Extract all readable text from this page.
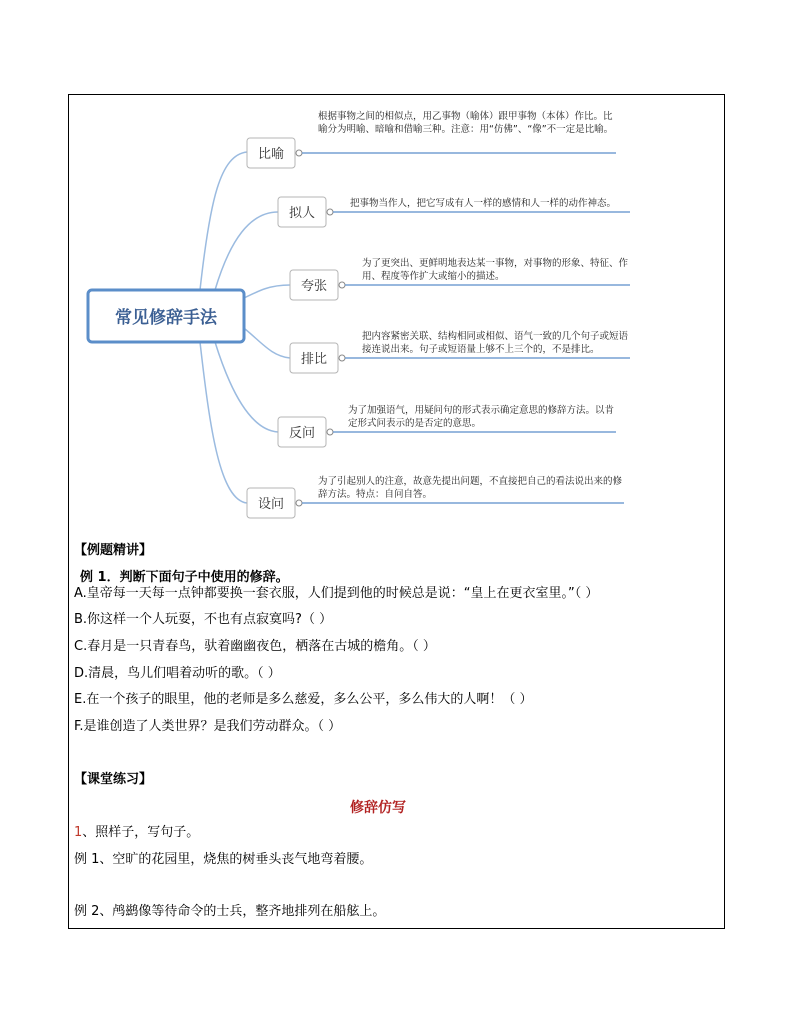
常见修辞手法
比喻
拟人
夸张
排比
反问
设问
根据事物之间的相似点，用乙事物（喻体）跟甲事物（本体）作比。比喻分为明喻、暗喻和借喻三种。注意：用“仿佛”、“像”不一定是比喻。
把事物当作人，把它写成有人一样的感情和人一样的动作神态。
为了更突出、更鲜明地表达某一事物，对事物的形象、特征、作用、程度等作扩大或缩小的描述。
把内容紧密关联、结构相同或相似、语气一致的几个句子或短语接连说出来。句子或短语量上够不上三个的，不是排比。
为了加强语气，用疑问句的形式表示确定意思的修辞方法。以肯定形式问表示的是否定的意思。
为了引起别人的注意，故意先提出问题，不直接把自己的看法说出来的修辞方法。特点：自问自答。
【例题精讲】
例 1．判断下面句子中使用的修辞。
A.皇帝每一天每一点钟都要换一套衣服，人们提到他的时候总是说：“皇上在更衣室里。”（ ）
B.你这样一个人玩耍，不也有点寂寞吗?（ ）
C.春月是一只青春鸟，驮着幽幽夜色，栖落在古城的檐角。（ ）
D.清晨，鸟儿们唱着动听的歌。（ ）
E.在一个孩子的眼里，他的老师是多么慈爱，多么公平，多么伟大的人啊！（ ）
F.是谁创造了人类世界？是我们劳动群众。（ ）
【课堂练习】
修辞仿写
1、照样子，写句子。
例 1、空旷的花园里，烧焦的树垂头丧气地弯着腰。
例 2、鸬鹚像等待命令的士兵，整齐地排列在船舷上。
